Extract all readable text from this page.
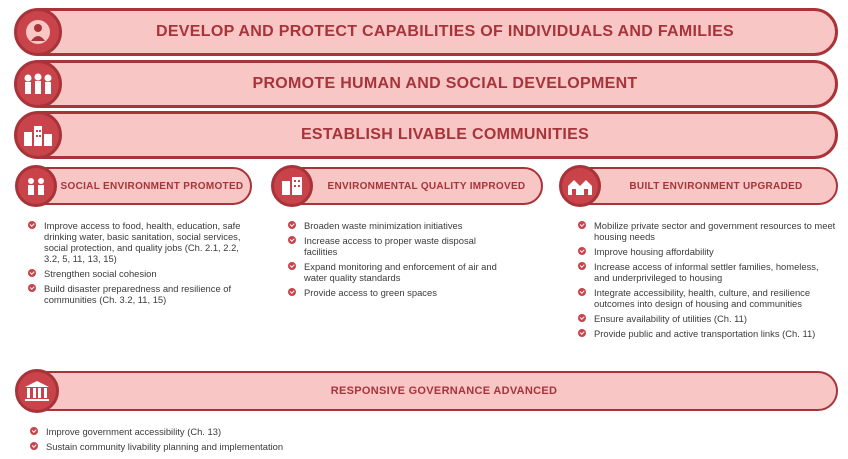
DEVELOP AND PROTECT CAPABILITIES OF INDIVIDUALS AND FAMILIES
PROMOTE HUMAN AND SOCIAL DEVELOPMENT
ESTABLISH LIVABLE COMMUNITIES
SOCIAL ENVIRONMENT PROMOTED	ENVIRONMENTAL QUALITY IMPROVED	BUILT ENVIRONMENT UPGRADED
Improve access to food, health, education, safe drinking water, basic sanitation, social services, social protection, and quality jobs (Ch. 2.1, 2.2, 3.2, 5, 11, 13, 15)
Strengthen social cohesion
Build disaster preparedness and resilience of communities (Ch. 3.2, 11, 15)
Broaden waste minimization initiatives
Increase access to proper waste disposal facilities
Expand monitoring and enforcement of air and water quality standards
Provide access to green spaces
Mobilize private sector and government resources to meet housing needs
Improve housing affordability
Increase access of informal settler families, homeless, and underprivileged to housing
Integrate accessibility, health, culture, and resilience outcomes into design of housing and communities
Ensure availability of utilities (Ch. 11)
Provide public and active transportation links (Ch. 11)
RESPONSIVE GOVERNANCE ADVANCED
Improve government accessibility (Ch. 13)
Sustain community livability planning and implementation
